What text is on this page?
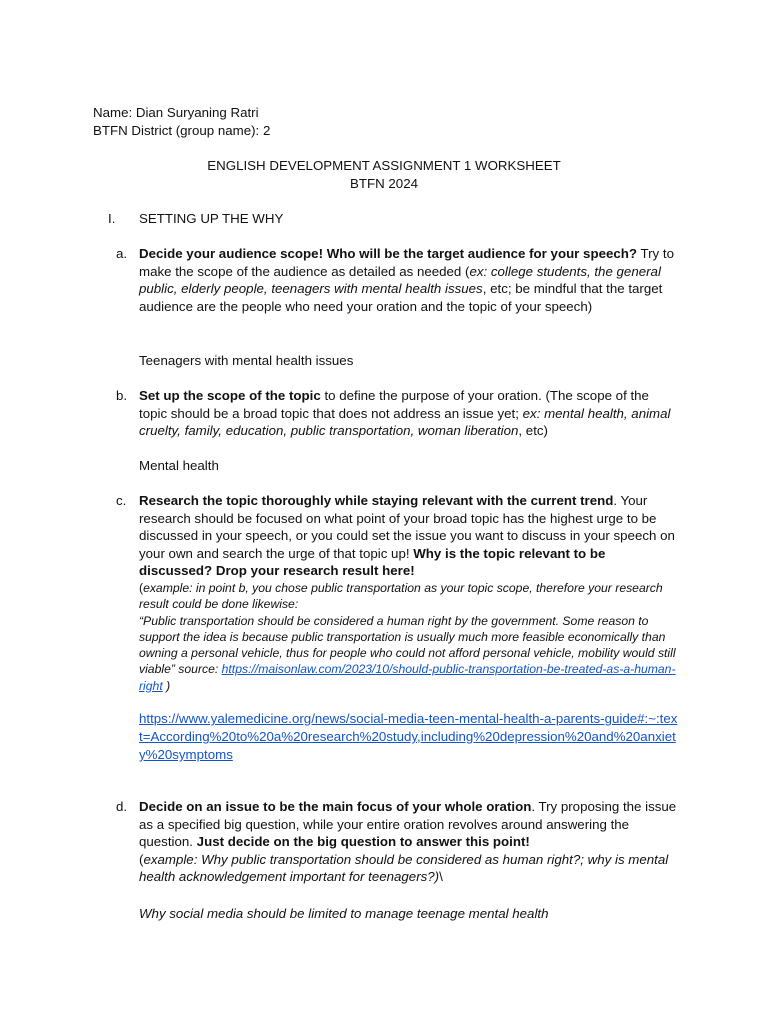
Name: Dian Suryaning Ratri
BTFN District (group name): 2
ENGLISH DEVELOPMENT ASSIGNMENT 1 WORKSHEET
BTFN 2024
I. SETTING UP THE WHY
a. Decide your audience scope! Who will be the target audience for your speech? Try to make the scope of the audience as detailed as needed (ex: college students, the general public, elderly people, teenagers with mental health issues, etc; be mindful that the target audience are the people who need your oration and the topic of your speech)
Teenagers with mental health issues
b. Set up the scope of the topic to define the purpose of your oration. (The scope of the topic should be a broad topic that does not address an issue yet; ex: mental health, animal cruelty, family, education, public transportation, woman liberation, etc)
Mental health
c. Research the topic thoroughly while staying relevant with the current trend. Your research should be focused on what point of your broad topic has the highest urge to be discussed in your speech, or you could set the issue you want to discuss in your speech on your own and search the urge of that topic up! Why is the topic relevant to be discussed? Drop your research result here!
(example: in point b, you chose public transportation as your topic scope, therefore your research result could be done likewise:
“Public transportation should be considered a human right by the government. Some reason to support the idea is because public transportation is usually much more feasible economically than owning a personal vehicle, thus for people who could not afford personal vehicle, mobility would still viable” source: https://maisonlaw.com/2023/10/should-public-transportation-be-treated-as-a-human-right )
https://www.yalemedicine.org/news/social-media-teen-mental-health-a-parents-guide#:~:text=According%20to%20a%20research%20study,including%20depression%20and%20anxiety%20symptoms
d. Decide on an issue to be the main focus of your whole oration. Try proposing the issue as a specified big question, while your entire oration revolves around answering the question. Just decide on the big question to answer this point!
(example: Why public transportation should be considered as human right?; why is mental health acknowledgement important for teenagers?)\
Why social media should be limited to manage teenage mental health
